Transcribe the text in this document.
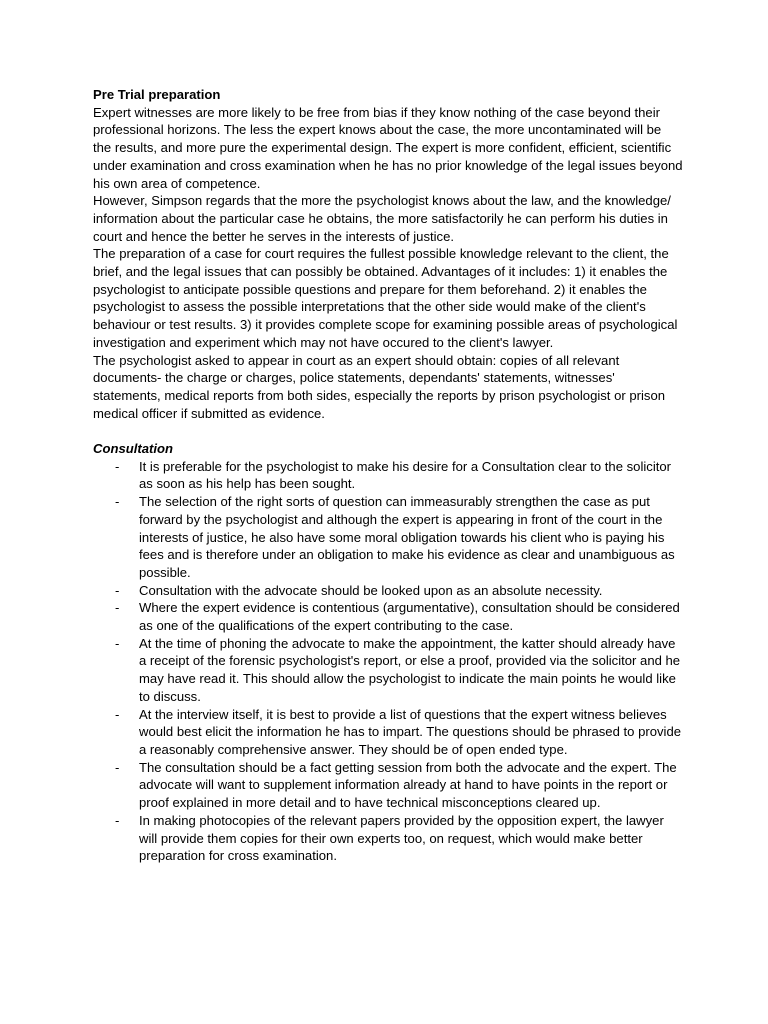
Pre Trial preparation

Expert witnesses are more likely to be free from bias if they know nothing of the case beyond their professional horizons. The less the expert knows about the case, the more uncontaminated will be the results, and more pure the experimental design. The expert is more confident, efficient, scientific under examination and cross examination when he has no prior knowledge of the legal issues beyond his own area of competence.

However, Simpson regards that the more the psychologist knows about the law, and the knowledge/ information about the particular case he obtains, the more satisfactorily he can perform his duties in court and hence the better he serves in the interests of justice.

The preparation of a case for court requires the fullest possible knowledge relevant to the client, the brief, and the legal issues that can possibly be obtained. Advantages of it includes: 1) it enables the psychologist to anticipate possible questions and prepare for them beforehand. 2) it enables the psychologist to assess the possible interpretations that the other side would make of the client's behaviour or test results. 3) it provides complete scope for examining possible areas of psychological investigation and experiment which may not have occured to the client's lawyer.

The psychologist asked to appear in court as an expert should obtain: copies of all relevant documents- the charge or charges, police statements, dependants' statements, witnesses' statements, medical reports from both sides, especially the reports by prison psychologist or prison medical officer if submitted as evidence.

Consultation

- It is preferable for the psychologist to make his desire for a Consultation clear to the solicitor as soon as his help has been sought.
- The selection of the right sorts of question can immeasurably strengthen the case as put forward by the psychologist and although the expert is appearing in front of the court in the interests of justice, he also have some moral obligation towards his client who is paying his fees and is therefore under an obligation to make his evidence as clear and unambiguous as possible.
- Consultation with the advocate should be looked upon as an absolute necessity.
- Where the expert evidence is contentious (argumentative), consultation should be considered as one of the qualifications of the expert contributing to the case.
- At the time of phoning the advocate to make the appointment, the katter should already have a receipt of the forensic psychologist's report, or else a proof, provided via the solicitor and he may have read it. This should allow the psychologist to indicate the main points he would like to discuss.
- At the interview itself, it is best to provide a list of questions that the expert witness believes would best elicit the information he has to impart. The questions should be phrased to provide a reasonably comprehensive answer. They should be of open ended type.
- The consultation should be a fact getting session from both the advocate and the expert. The advocate will want to supplement information already at hand to have points in the report or proof explained in more detail and to have technical misconceptions cleared up.
- In making photocopies of the relevant papers provided by the opposition expert, the lawyer will provide them copies for their own experts too, on request, which would make better preparation for cross examination.
